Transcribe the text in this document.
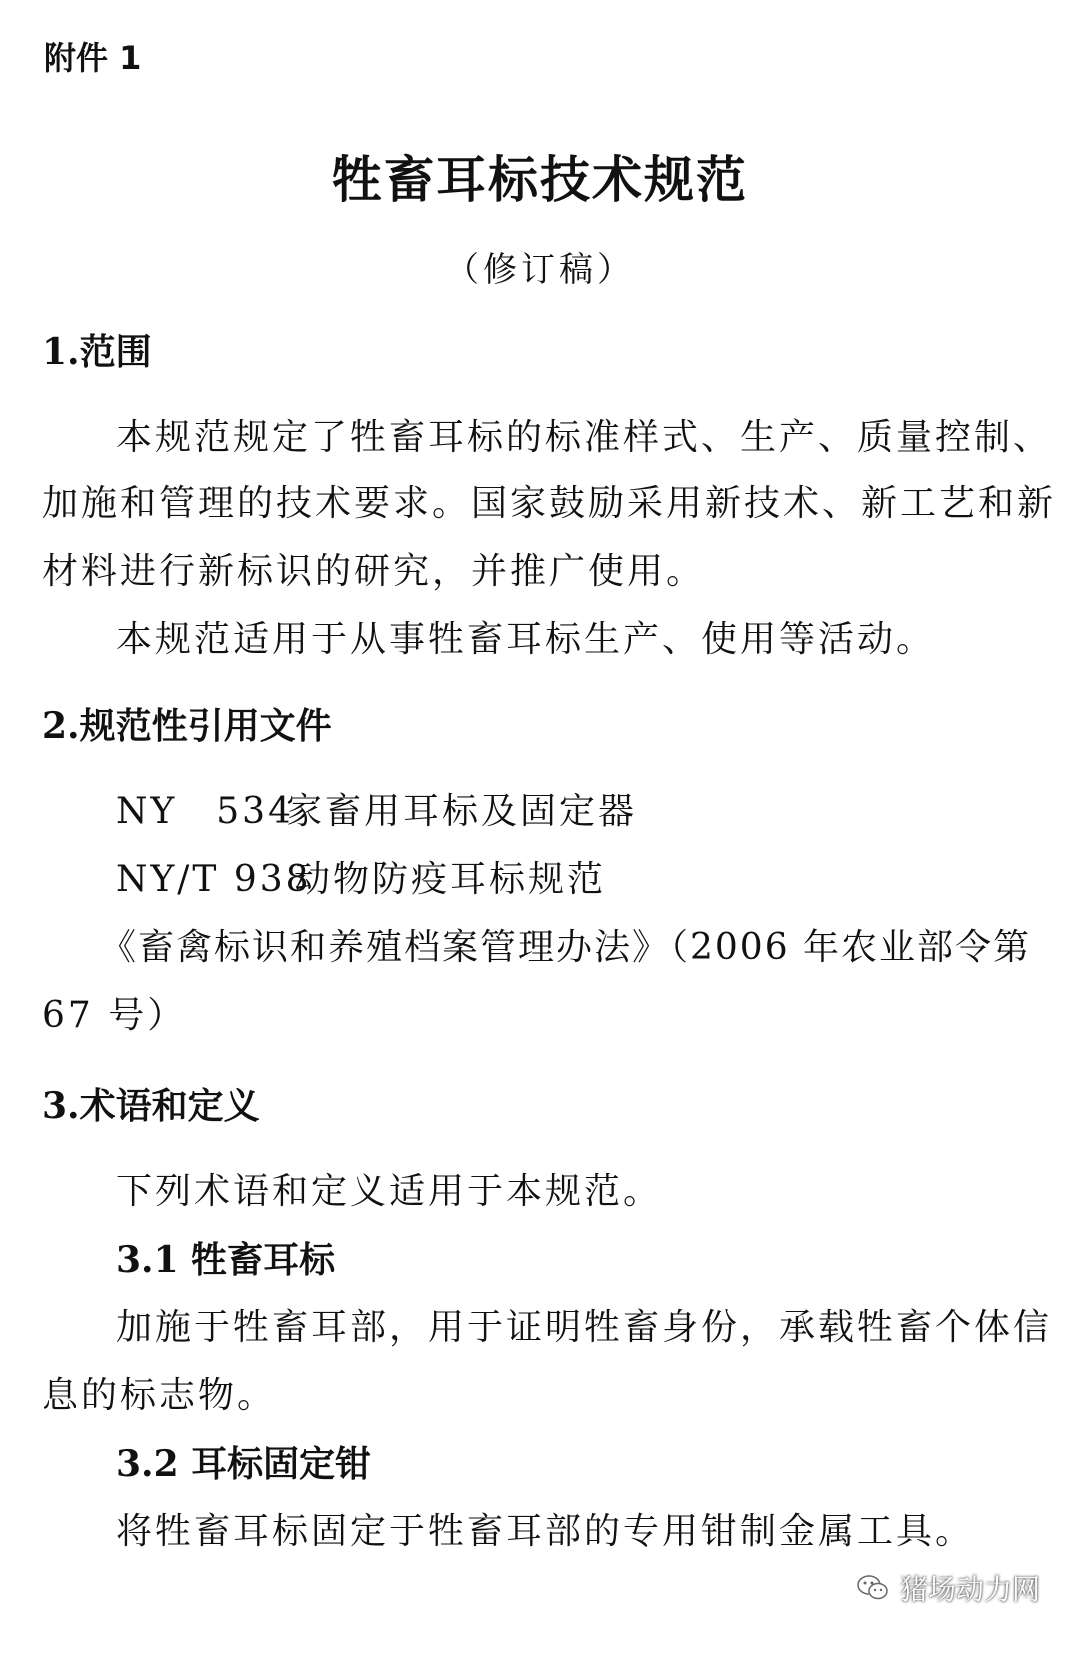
附件 1
牲畜耳标技术规范
（修订稿）
1.范围
本规范规定了牲畜耳标的标准样式、生产、质量控制、
加施和管理的技术要求。国家鼓励采用新技术、新工艺和新
材料进行新标识的研究，并推广使用。
本规范适用于从事牲畜耳标生产、使用等活动。
2.规范性引用文件
NY　534家畜用耳标及固定器
NY/T 938动物防疫耳标规范
《畜禽标识和养殖档案管理办法》（2006 年农业部令第
67 号）
3.术语和定义
下列术语和定义适用于本规范。
3.1 牲畜耳标
加施于牲畜耳部，用于证明牲畜身份，承载牲畜个体信
息的标志物。
3.2 耳标固定钳
将牲畜耳标固定于牲畜耳部的专用钳制金属工具。
猪场动力网
